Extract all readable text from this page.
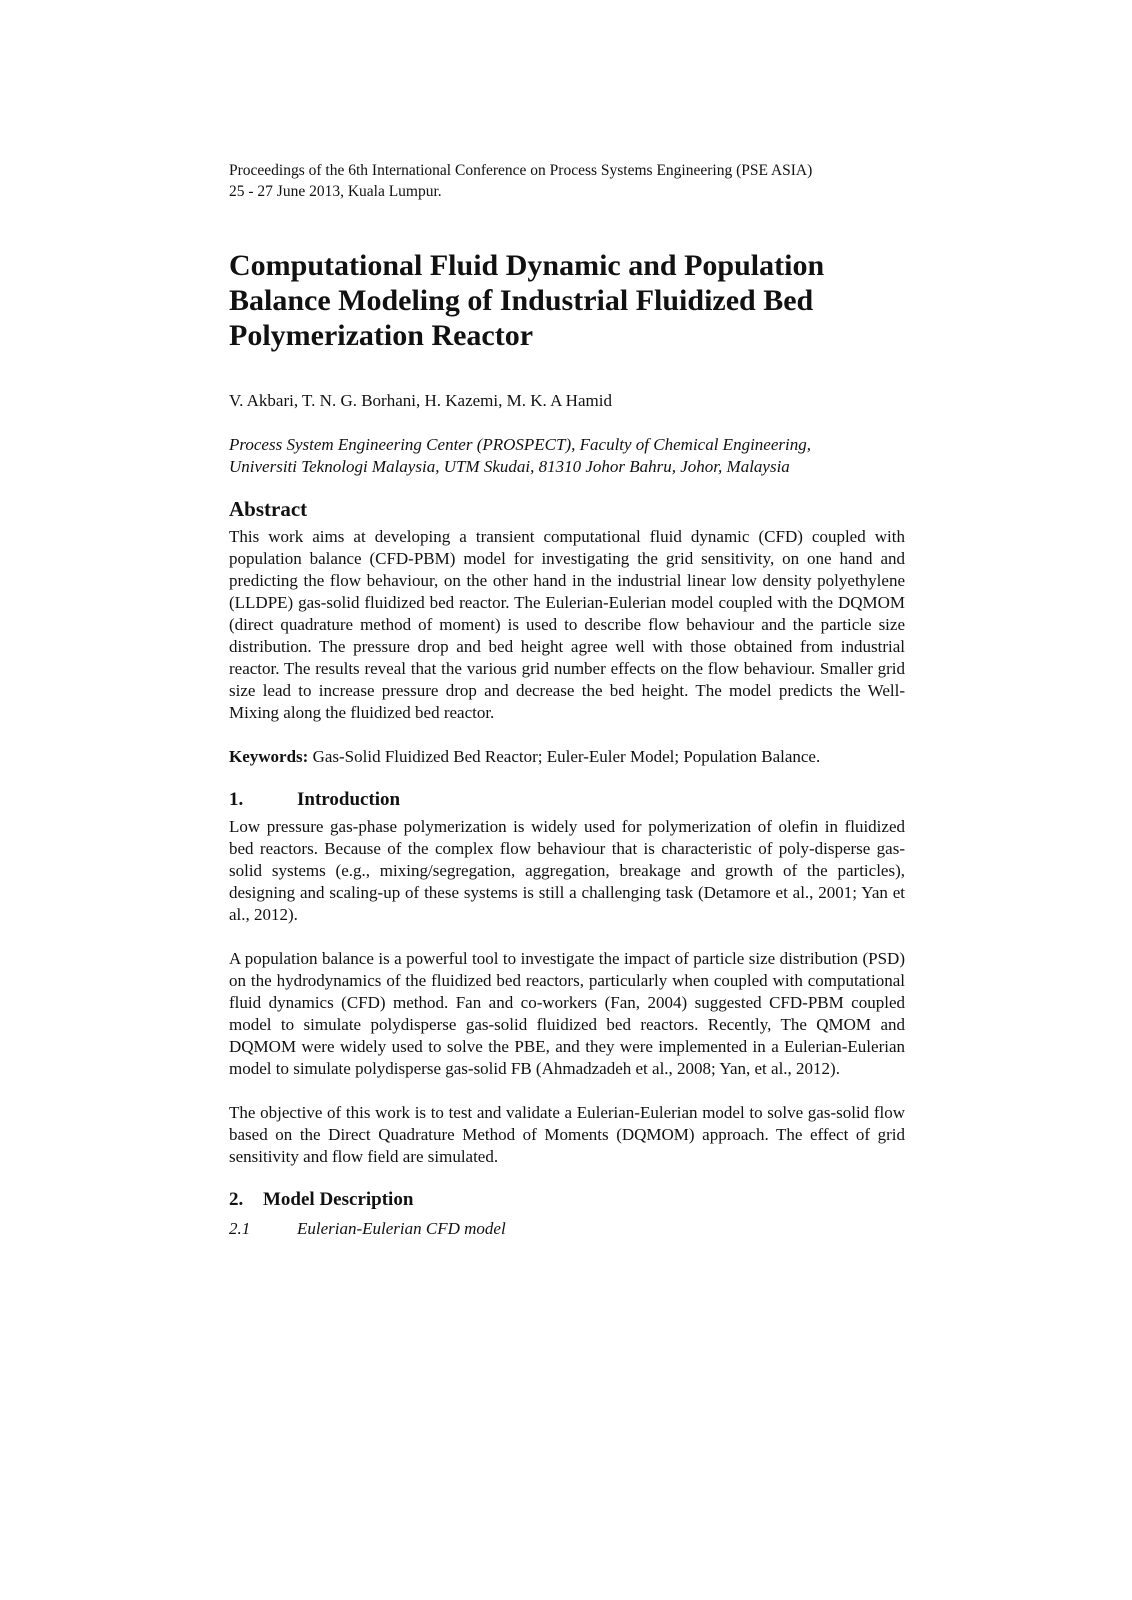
Proceedings of the 6th International Conference on Process Systems Engineering (PSE ASIA)

25 - 27 June 2013, Kuala Lumpur.

Computational Fluid Dynamic and Population
Balance Modeling of Industrial Fluidized Bed
Polymerization Reactor

V. Akbari, T. N. G. Borhani, H. Kazemi, M. K. A Hamid

Process System Engineering Center (PROSPECT), Faculty of Chemical Engineering,
Universiti Teknologi Malaysia, UTM Skudai, 81310 Johor Bahru, Johor, Malaysia

Abstract

This work aims at developing a transient computational fluid dynamic (CFD) coupled with population balance (CFD-PBM) model for investigating the grid sensitivity, on one hand and predicting the flow behaviour, on the other hand in the industrial linear low density polyethylene (LLDPE) gas-solid fluidized bed reactor. The Eulerian-Eulerian model coupled with the DQMOM (direct quadrature method of moment) is used to describe flow behaviour and the particle size distribution. The pressure drop and bed height agree well with those obtained from industrial reactor. The results reveal that the various grid number effects on the flow behaviour. Smaller grid size lead to increase pressure drop and decrease the bed height. The model predicts the Well-Mixing along the fluidized bed reactor.

Keywords: Gas-Solid Fluidized Bed Reactor; Euler-Euler Model; Population Balance.

1.	Introduction

Low pressure gas-phase polymerization is widely used for polymerization of olefin in fluidized bed reactors. Because of the complex flow behaviour that is characteristic of poly-disperse gas-solid systems (e.g., mixing/segregation, aggregation, breakage and growth of the particles), designing and scaling-up of these systems is still a challenging task (Detamore et al., 2001; Yan et al., 2012).

A population balance is a powerful tool to investigate the impact of particle size distribution (PSD) on the hydrodynamics of the fluidized bed reactors, particularly when coupled with computational fluid dynamics (CFD) method. Fan and co-workers (Fan, 2004) suggested CFD-PBM coupled model to simulate polydisperse gas-solid fluidized bed reactors. Recently, The QMOM and DQMOM were widely used to solve the PBE, and they were implemented in a Eulerian-Eulerian model to simulate polydisperse gas-solid FB (Ahmadzadeh et al., 2008; Yan, et al., 2012).

The objective of this work is to test and validate a Eulerian-Eulerian model to solve gas-solid flow based on the Direct Quadrature Method of Moments (DQMOM) approach. The effect of grid sensitivity and flow field are simulated.

2.	Model Description

2.1	Eulerian-Eulerian CFD model
